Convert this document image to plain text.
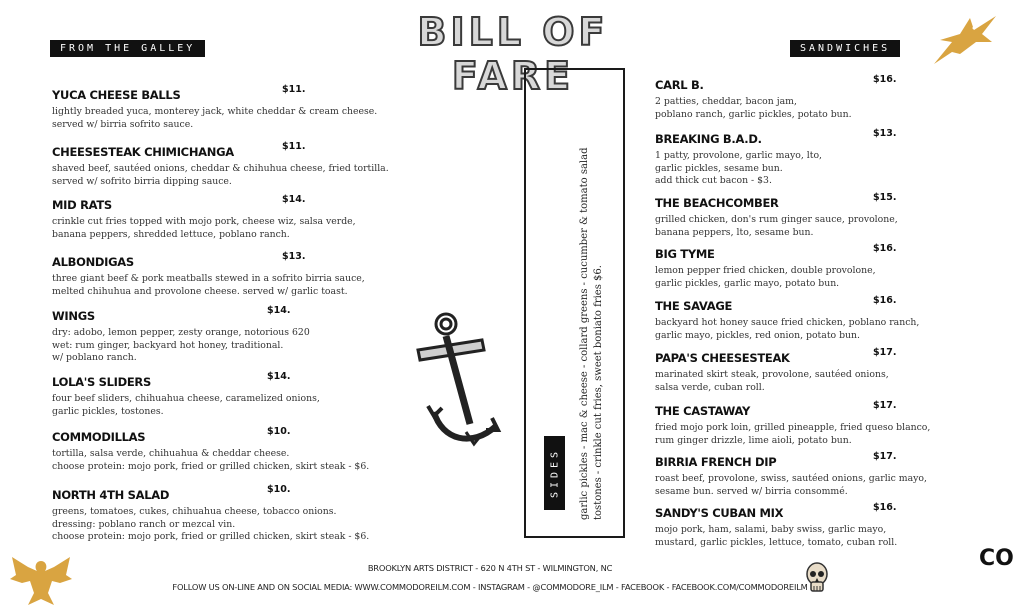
FROM THE GALLEY	BILL OF FARE
SANDWICHES
YUCA CHEESE BALLS	$11.
lightly breaded yuca, monterey jack, white cheddar & cream cheese.
served w/ birria sofrito sauce.
CHEESESTEAK CHIMICHANGA	$11.
shaved beef, sautéed onions, cheddar & chihuhua cheese, fried tortilla.
served w/ sofrito birria dipping sauce.
MID RATS	$14.
crinkle cut fries topped with mojo pork, cheese wiz, salsa verde,
banana peppers, shredded lettuce, poblano ranch.
ALBONDIGAS	$13.
three giant beef & pork meatballs stewed in a sofrito birria sauce,
melted chihuhua and provolone cheese. served w/ garlic toast.
WINGS	$14.
dry: adobo, lemon pepper, zesty orange, notorious 620
wet: rum ginger, backyard hot honey, traditional.
w/ poblano ranch.
LOLA'S SLIDERS	$14.
four beef sliders, chihuahua cheese, caramelized onions,
garlic pickles, tostones.
COMMODILLAS	$10.
tortilla, salsa verde, chihuahua & cheddar cheese.
choose protein: mojo pork, fried or grilled chicken, skirt steak - $6.
NORTH 4TH SALAD	$10.
greens, tomatoes, cukes, chihuahua cheese, tobacco onions.
dressing: poblano ranch or mezcal vin.
choose protein: mojo pork, fried or grilled chicken, skirt steak - $6.
SIDES garlic pickles - mac & cheese - collard greens - cucumber & tomato salad tostones - crinkle cut fries, sweet boniato fries $6.
CARL B.	$16.
2 patties, cheddar, bacon jam,
poblano ranch, garlic pickles, potato bun.
BREAKING B.A.D.	$13.
1 patty, provolone, garlic mayo, lto,
garlic pickles, sesame bun.
add thick cut bacon - $3.
THE BEACHCOMBER	$15.
grilled chicken, don's rum ginger sauce, provolone,
banana peppers, lto, sesame bun.
BIG TYME	$16.
lemon pepper fried chicken, double provolone,
garlic pickles, garlic mayo, potato bun.
THE SAVAGE	$16.
backyard hot honey sauce fried chicken, poblano ranch,
garlic mayo, pickles, red onion, potato bun.
PAPA'S CHEESESTEAK	$17.
marinated skirt steak, provolone, sautéed onions,
salsa verde, cuban roll.
THE CASTAWAY	$17.
fried mojo pork loin, grilled pineapple, fried queso blanco,
rum ginger drizzle, lime aioli, potato bun.
BIRRIA FRENCH DIP	$17.
roast beef, provolone, swiss, sautéed onions, garlic mayo,
sesame bun. served w/ birria consommé.
SANDY'S CUBAN MIX	$16.
mojo pork, ham, salami, baby swiss, garlic mayo,
mustard, garlic pickles, lettuce, tomato, cuban roll.
BROOKLYN ARTS DISTRICT - 620 N 4TH ST - WILMINGTON, NC
FOLLOW US ON-LINE AND ON SOCIAL MEDIA: WWW.COMMODOREILM.COM - INSTAGRAM - @COMMODORE_ILM - FACEBOOK - FACEBOOK.COM/COMMODOREILM
CO
